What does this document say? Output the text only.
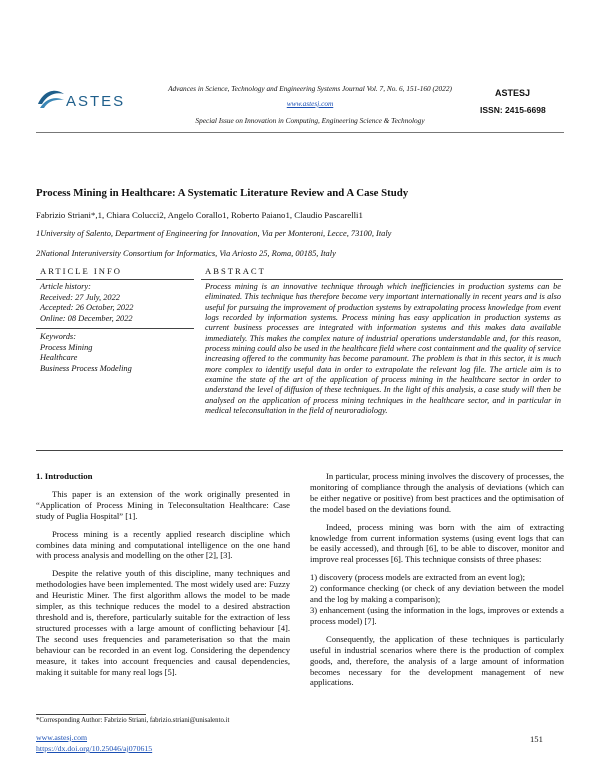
ASTES
Advances in Science, Technology and Engineering Systems Journal Vol. 7, No. 6, 151-160 (2022)
www.astesj.com
Special Issue on Innovation in Computing, Engineering Science & Technology
ASTESJ
ISSN: 2415-6698
Process Mining in Healthcare: A Systematic Literature Review and A Case Study
Fabrizio Striani*,1, Chiara Colucci2, Angelo Corallo1, Roberto Paiano1, Claudio Pascarelli1
1University of Salento, Department of Engineering for Innovation, Via per Monteroni, Lecce, 73100, Italy
2National Interuniversity Consortium for Informatics, Via Ariosto 25, Roma, 00185, Italy
ARTICLE INFO
Article history:
Received: 27 July, 2022
Accepted: 26 October, 2022
Online: 08 December, 2022
Keywords:
Process Mining
Healthcare
Business Process Modeling
ABSTRACT
Process mining is an innovative technique through which inefficiencies in production systems can be eliminated. This technique has therefore become very important internationally in recent years and is also useful for pursuing the improvement of production systems by extrapolating process knowledge from event logs recorded by information systems. Process mining has easy application in production systems as current business processes are integrated with information systems and this makes data available immediately. This makes the complex nature of industrial operations understandable and, for this reason, process mining could also be used in the healthcare field where cost containment and the quality of service increasing offered to the community has become paramount. The problem is that in this sector, it is much more complex to identify useful data in order to extrapolate the relevant log file. The article aim is to examine the state of the art of the application of process mining in the healthcare sector in order to understand the level of diffusion of these techniques. In the light of this analysis, a case study will then be analysed on the application of process mining techniques in the healthcare sector, and in particular in medical teleconsultation in the field of neuroradiology.
1. Introduction

This paper is an extension of the work originally presented in “Application of Process Mining in Teleconsultation Healthcare: Case study of Puglia Hospital” [1].

Process mining is a recently applied research discipline which combines data mining and computational intelligence on the one hand with process analysis and modelling on the other [2], [3].

Despite the relative youth of this discipline, many techniques and methodologies have been implemented. The most widely used are: Fuzzy and Heuristic Miner. The first algorithm allows the model to be made simpler, as this technique reduces the model to a desired abstraction threshold and is, therefore, particularly suitable for the extraction of less structured processes with a large amount of conflicting behaviour [4]. The second uses frequencies and parameterisation so that the main behaviour can be recorded in an event log. Considering the dependency measure, it takes into account frequencies and causal dependencies, making it suitable for many real logs [5].

In particular, process mining involves the discovery of processes, the monitoring of compliance through the analysis of deviations (which can be either negative or positive) from best practices and the optimisation of the model based on the deviations found.

Indeed, process mining was born with the aim of extracting knowledge from current information systems (using event logs that can be easily accessed), and through [6], to be able to discover, monitor and improve real processes [6]. This technique consists of three phases:

1) discovery (process models are extracted from an event log);

2) conformance checking (or check of any deviation between the model and the log by making a comparison);

3) enhancement (using the information in the logs, improves or extends a process model) [7].

Consequently, the application of these techniques is particularly useful in industrial scenarios where there is the production of complex goods, and, therefore, the analysis of a large amount of information becomes necessary for the development management of new applications.

*Corresponding Author: Fabrizio Striani, fabrizio.striani@unisalento.it
www.astesj.com
https://dx.doi.org/10.25046/aj070615
151
